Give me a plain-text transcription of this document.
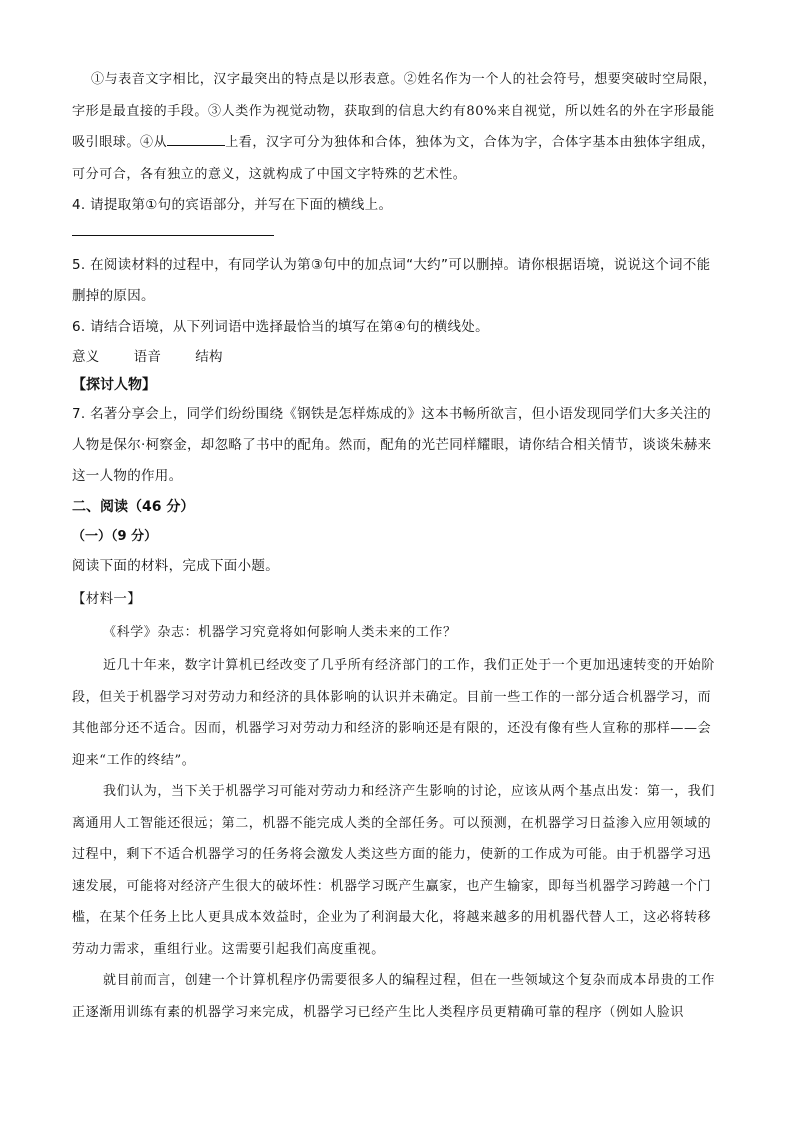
①与表音文字相比，汉字最突出的特点是以形表意。②姓名作为一个人的社会符号，想要突破时空局限，字形是最直接的手段。③人类作为视觉动物，获取到的信息大约有80%来自视觉，所以姓名的外在字形最能吸引眼球。④从	上看，汉字可分为独体和合体，独体为文，合体为字，合体字基本由独体字组成，可分可合，各有独立的意义，这就构成了中国文字特殊的艺术性。

4. 请提取第①句的宾语部分，并写在下面的横线上。

5. 在阅读材料的过程中，有同学认为第③句中的加点词“大约”可以删掉。请你根据语境，说说这个词不能删掉的原因。

6. 请结合语境，从下列词语中选择最恰当的填写在第④句的横线处。

意义	语音	结构

【探讨人物】

7. 名著分享会上，同学们纷纷围绕《钢铁是怎样炼成的》这本书畅所欲言，但小语发现同学们大多关注的人物是保尔·柯察金，却忽略了书中的配角。然而，配角的光芒同样耀眼，请你结合相关情节，谈谈朱赫来这一人物的作用。

二、阅读（46 分）

（一）（9 分）

阅读下面的材料，完成下面小题。

【材料一】

《科学》杂志：机器学习究竟将如何影响人类未来的工作？

近几十年来，数字计算机已经改变了几乎所有经济部门的工作，我们正处于一个更加迅速转变的开始阶段，但关于机器学习对劳动力和经济的具体影响的认识并未确定。目前一些工作的一部分适合机器学习，而其他部分还不适合。因而，机器学习对劳动力和经济的影响还是有限的，还没有像有些人宣称的那样——会迎来“工作的终结”。

我们认为，当下关于机器学习可能对劳动力和经济产生影响的讨论，应该从两个基点出发：第一，我们离通用人工智能还很远；第二，机器不能完成人类的全部任务。可以预测，在机器学习日益渗入应用领域的过程中，剩下不适合机器学习的任务将会激发人类这些方面的能力，使新的工作成为可能。由于机器学习迅速发展，可能将对经济产生很大的破坏性：机器学习既产生赢家，也产生输家，即每当机器学习跨越一个门槛，在某个任务上比人更具成本效益时，企业为了利润最大化，将越来越多的用机器代替人工，这必将转移劳动力需求，重组行业。这需要引起我们高度重视。

就目前而言，创建一个计算机程序仍需要很多人的编程过程，但在一些领域这个复杂而成本昂贵的工作正逐渐用训练有素的机器学习来完成，机器学习已经产生比人类程序员更精确可靠的程序（例如人脸识
